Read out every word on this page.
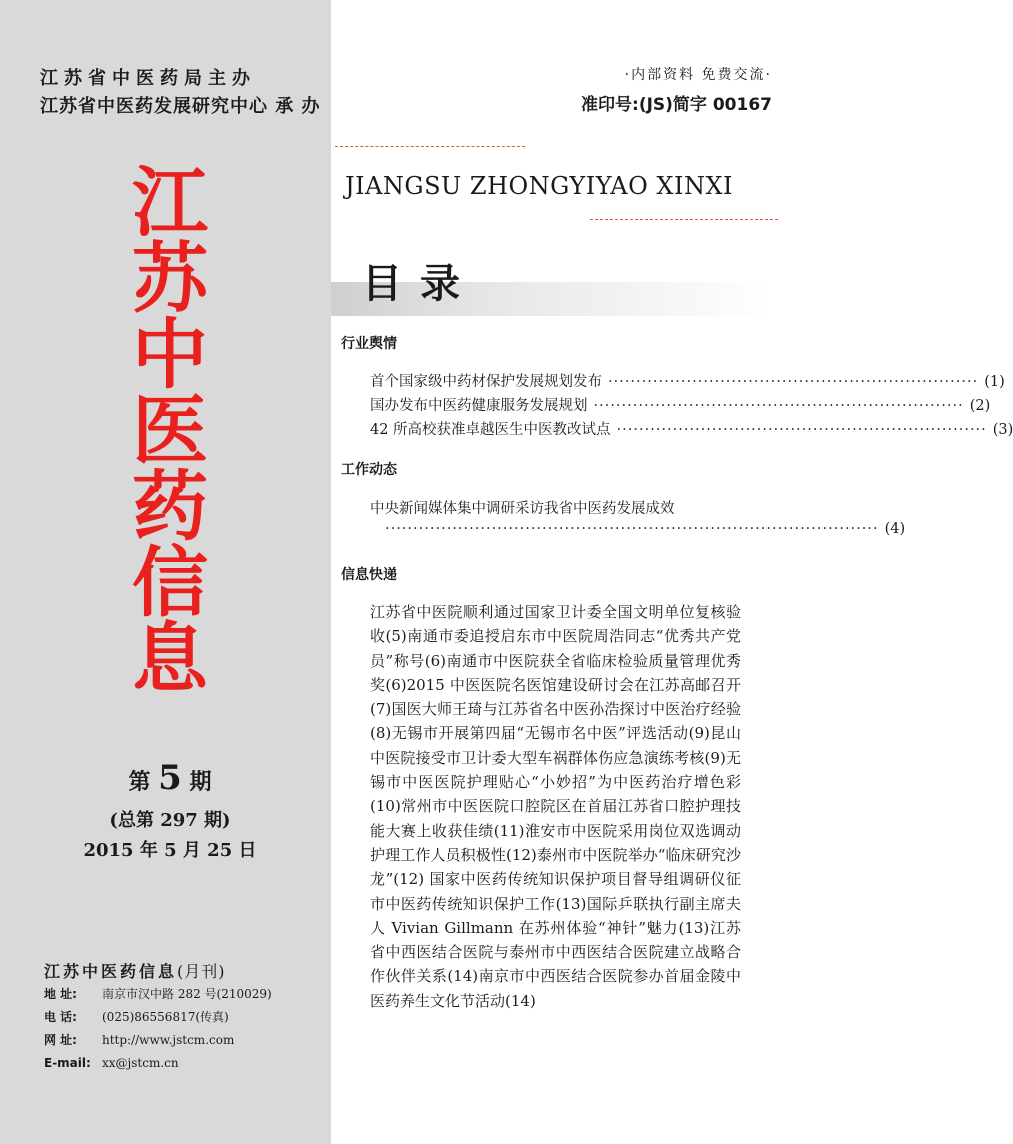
江苏省中医药局主办
江苏省中医药发展研究中心 承 办
江
苏
中
医
药
信
息
第 5 期
(总第 297 期)
2015 年 5 月 25 日
江苏中医药信息(月刊)
地 址: 南京市汉中路 282 号(210029)
电 话: (025)86556817(传真)
网 址: http://www.jstcm.com
E-mail: xx@jstcm.cn
·内部资料 免费交流·
准印号:(JS)简字 00167
JIANGSU ZHONGYIYAO XINXI
目录
行业舆情
首个国家级中药材保护发展规划发布 ·································································· (1)
国办发布中医药健康服务发展规划 ·································································· (2)
42 所高校获准卓越医生中医教改试点 ·································································· (3)
工作动态
中央新闻媒体集中调研采访我省中医药发展成效
························································································ (4)
信息快递
江苏省中医院顺利通过国家卫计委全国文明单位复核验收(5)南通市委追授启东市中医院周浩同志“优秀共产党员”称号(6)南通市中医院获全省临床检验质量管理优秀奖(6)2015 中医医院名医馆建设研讨会在江苏高邮召开(7)国医大师王琦与江苏省名中医孙浩探讨中医治疗经验(8)无锡市开展第四届“无锡市名中医”评选活动(9)昆山中医院接受市卫计委大型车祸群体伤应急演练考核(9)无锡市中医医院护理贴心“小妙招”为中医药治疗增色彩(10)常州市中医医院口腔院区在首届江苏省口腔护理技能大赛上收获佳绩(11)淮安市中医院采用岗位双选调动护理工作人员积极性(12)泰州市中医院举办“临床研究沙龙”(12) 国家中医药传统知识保护项目督导组调研仪征市中医药传统知识保护工作(13)国际乒联执行副主席夫人 Vivian Gillmann 在苏州体验“神针”魅力(13)江苏省中西医结合医院与泰州市中西医结合医院建立战略合作伙伴关系(14)南京市中西医结合医院参办首届金陵中医药养生文化节活动(14)
